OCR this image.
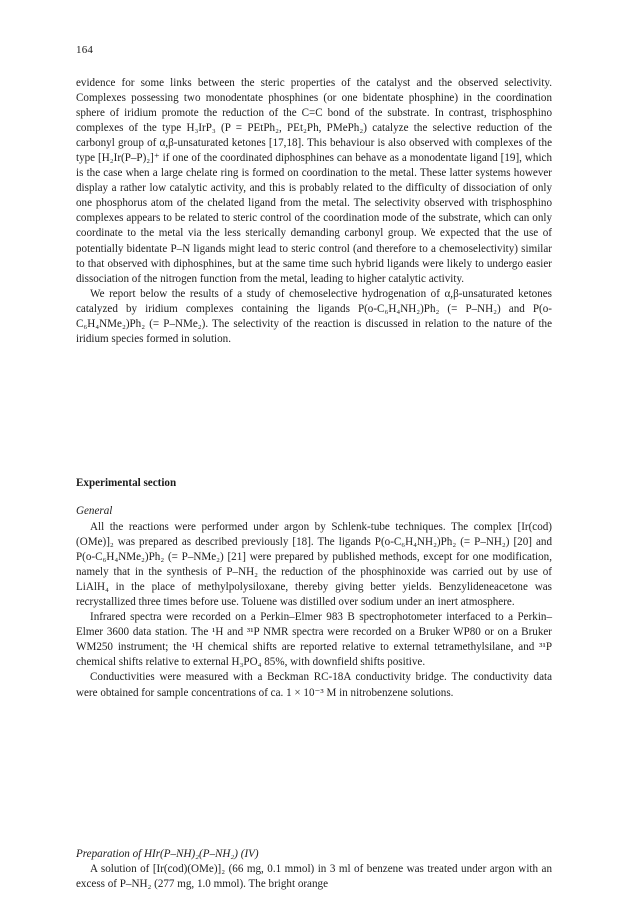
164

evidence for some links between the steric properties of the catalyst and the observed selectivity. Complexes possessing two monodentate phosphines (or one bidentate phosphine) in the coordination sphere of iridium promote the reduction of the C=C bond of the substrate. In contrast, trisphosphino complexes of the type H₃IrP₃ (P = PEtPh₂, PEt₂Ph, PMePh₂) catalyze the selective reduction of the carbonyl group of α,β-unsaturated ketones [17,18]. This behaviour is also observed with complexes of the type [H₂Ir(P–P)₂]⁺ if one of the coordinated diphosphines can behave as a monodentate ligand [19], which is the case when a large chelate ring is formed on coordination to the metal. These latter systems however display a rather low catalytic activity, and this is probably related to the difficulty of dissociation of only one phosphorus atom of the chelated ligand from the metal. The selectivity observed with trisphosphino complexes appears to be related to steric control of the coordination mode of the substrate, which can only coordinate to the metal via the less sterically demanding carbonyl group. We expected that the use of potentially bidentate P–N ligands might lead to steric control (and therefore to a chemoselectivity) similar to that observed with diphosphines, but at the same time such hybrid ligands were likely to undergo easier dissociation of the nitrogen function from the metal, leading to higher catalytic activity.

We report below the results of a study of chemoselective hydrogenation of α,β-unsaturated ketones catalyzed by iridium complexes containing the ligands P(o-C₆H₄NH₂)Ph₂ (= P–NH₂) and P(o-C₆H₄NMe₂)Ph₂ (= P–NMe₂). The selectivity of the reaction is discussed in relation to the nature of the iridium species formed in solution.

Experimental section
General

All the reactions were performed under argon by Schlenk-tube techniques. The complex [Ir(cod)(OMe)]₂ was prepared as described previously [18]. The ligands P(o-C₆H₄NH₂)Ph₂ (= P–NH₂) [20] and P(o-C₆H₄NMe₂)Ph₂ (= P–NMe₂) [21] were prepared by published methods, except for one modification, namely that in the synthesis of P–NH₂ the reduction of the phosphinoxide was carried out by use of LiAlH₄ in the place of methylpolysiloxane, thereby giving better yields. Benzylideneacetone was recrystallized three times before use. Toluene was distilled over sodium under an inert atmosphere.

Infrared spectra were recorded on a Perkin–Elmer 983 B spectrophotometer interfaced to a Perkin–Elmer 3600 data station. The ¹H and ³¹P NMR spectra were recorded on a Bruker WP80 or on a Bruker WM250 instrument; the ¹H chemical shifts are reported relative to external tetramethylsilane, and ³¹P chemical shifts relative to external H₃PO₄ 85%, with downfield shifts positive.

Conductivities were measured with a Beckman RC-18A conductivity bridge. The conductivity data were obtained for sample concentrations of ca. 1 × 10⁻³ M in nitrobenzene solutions.

Preparation of HIr(P–NH)₂(P–NH₂) (IV)

A solution of [Ir(cod)(OMe)]₂ (66 mg, 0.1 mmol) in 3 ml of benzene was treated under argon with an excess of P–NH₂ (277 mg, 1.0 mmol). The bright orange
